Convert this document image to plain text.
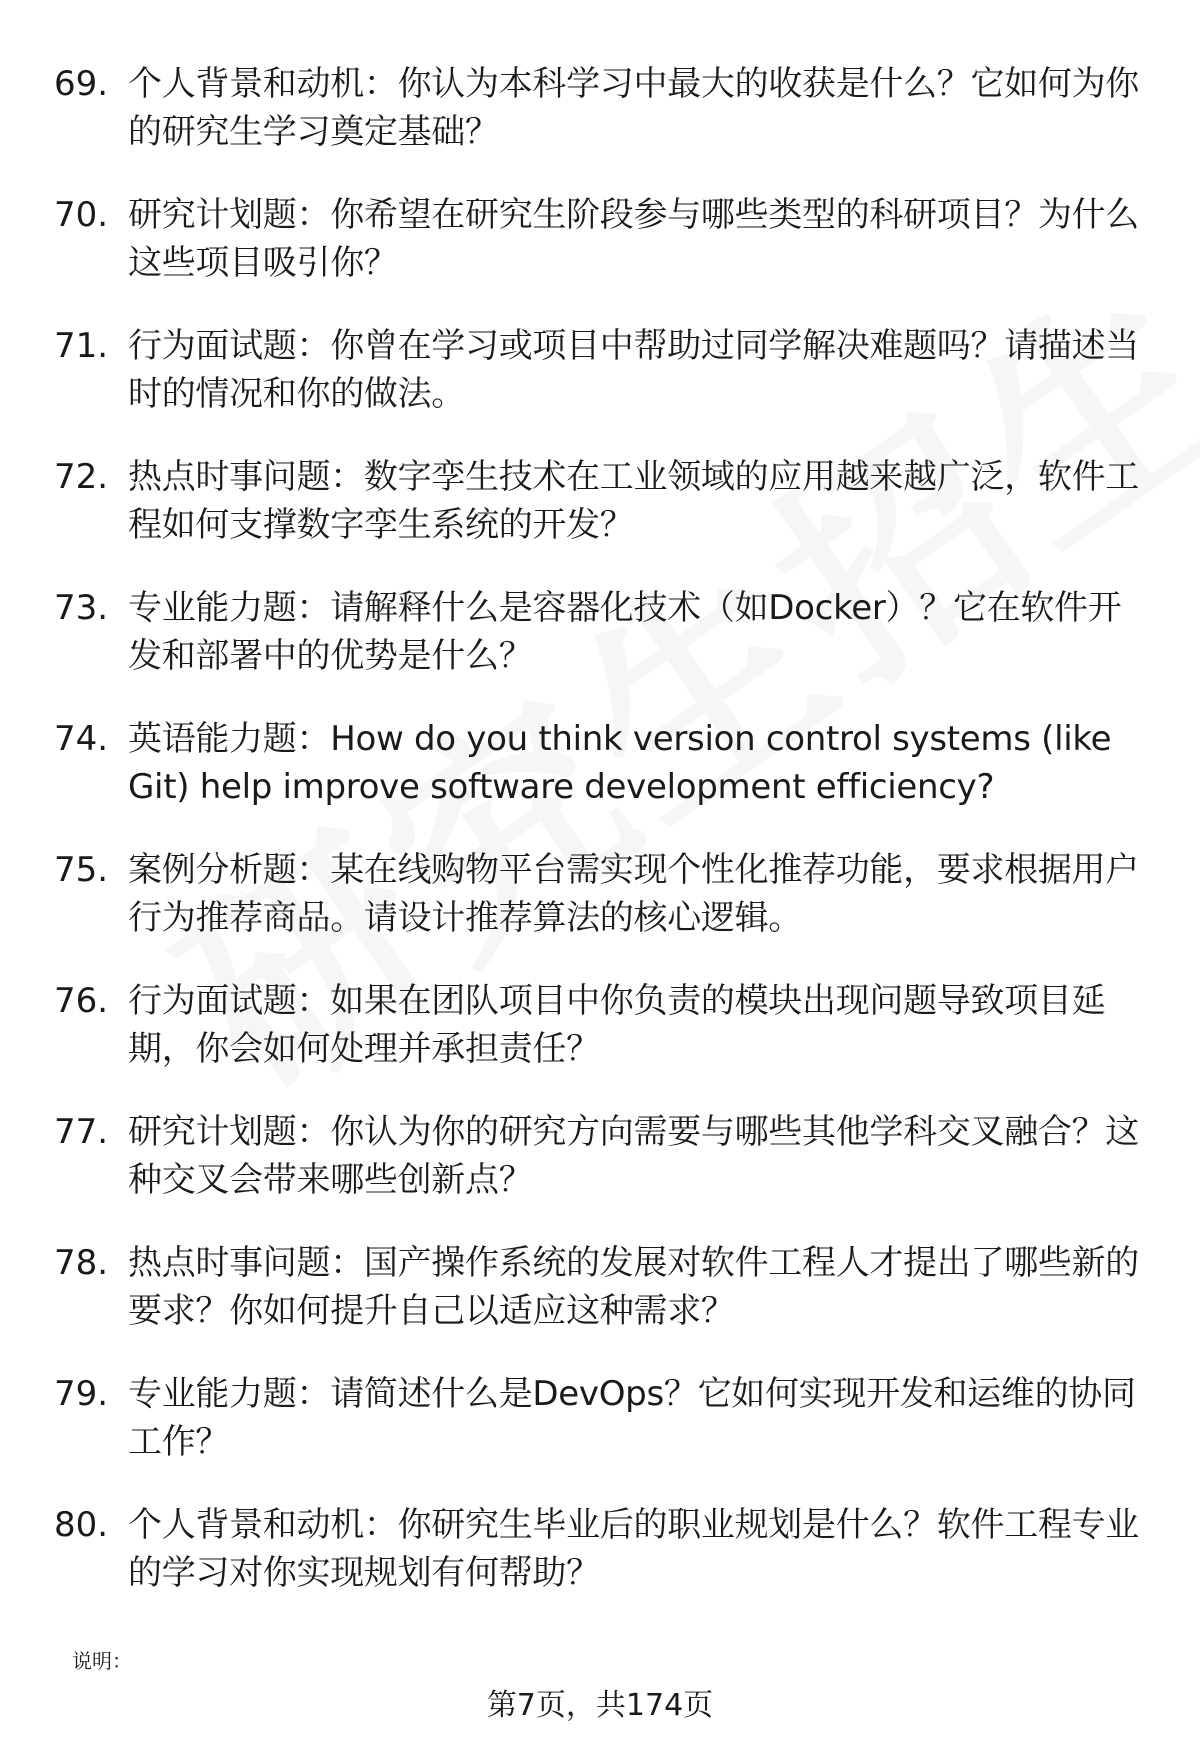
69. 个人背景和动机：你认为本科学习中最大的收获是什么？它如何为你的研究生学习奠定基础？
70. 研究计划题：你希望在研究生阶段参与哪些类型的科研项目？为什么这些项目吸引你？
71. 行为面试题：你曾在学习或项目中帮助过同学解决难题吗？请描述当时的情况和你的做法。
72. 热点时事问题：数字孪生技术在工业领域的应用越来越广泛，软件工程如何支撑数字孪生系统的开发？
73. 专业能力题：请解释什么是容器化技术（如Docker）？它在软件开发和部署中的优势是什么？
74. 英语能力题：How do you think version control systems (like Git) help improve software development efficiency?
75. 案例分析题：某在线购物平台需实现个性化推荐功能，要求根据用户行为推荐商品。请设计推荐算法的核心逻辑。
76. 行为面试题：如果在团队项目中你负责的模块出现问题导致项目延期，你会如何处理并承担责任？
77. 研究计划题：你认为你的研究方向需要与哪些其他学科交叉融合？这种交叉会带来哪些创新点？
78. 热点时事问题：国产操作系统的发展对软件工程人才提出了哪些新的要求？你如何提升自己以适应这种需求？
79. 专业能力题：请简述什么是DevOps？它如何实现开发和运维的协同工作？
80. 个人背景和动机：你研究生毕业后的职业规划是什么？软件工程专业的学习对你实现规划有何帮助？
说明：
第7页，共174页
